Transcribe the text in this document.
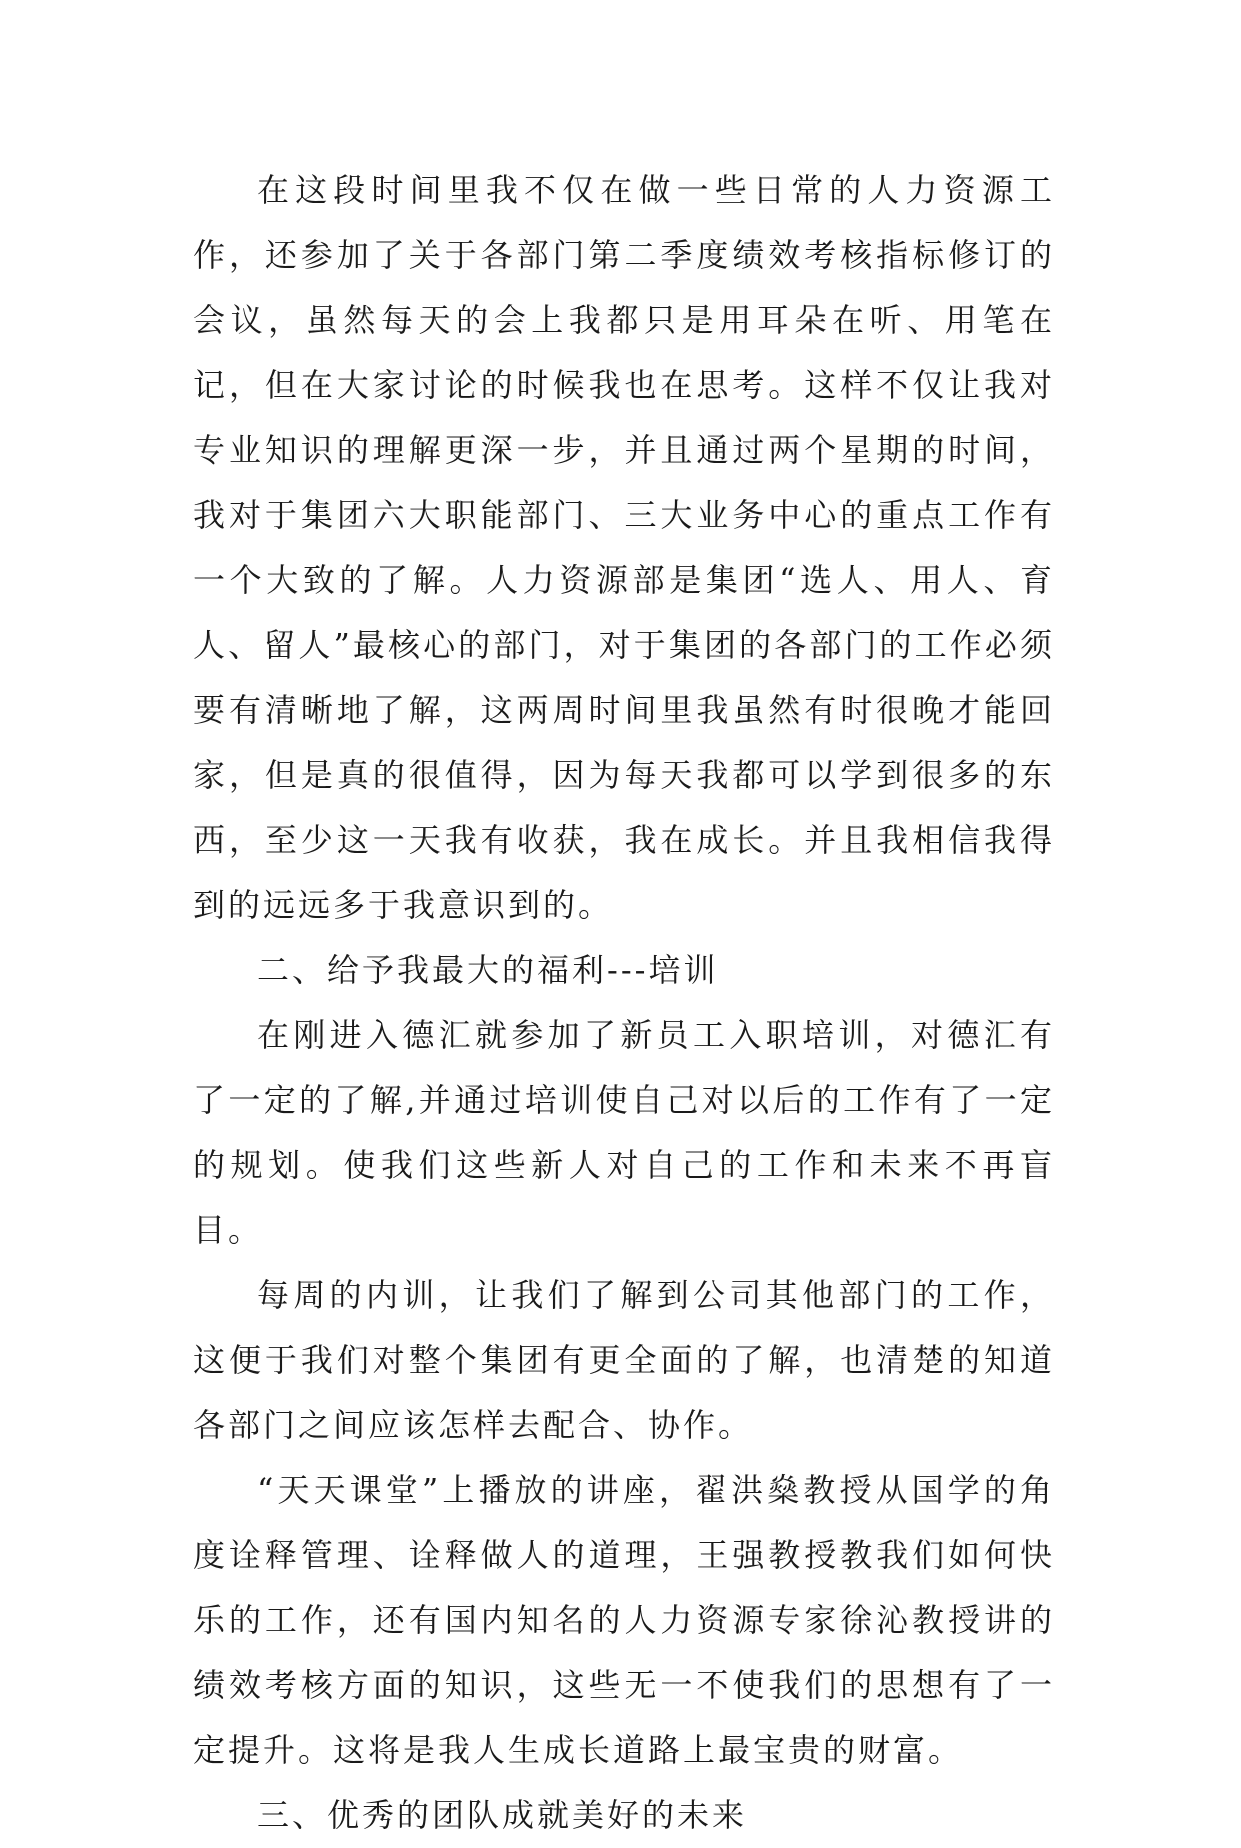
在这段时间里我不仅在做一些日常的人力资源工作，还参加了关于各部门第二季度绩效考核指标修订的会议，虽然每天的会上我都只是用耳朵在听、用笔在记，但在大家讨论的时候我也在思考。这样不仅让我对专业知识的理解更深一步，并且通过两个星期的时间，我对于集团六大职能部门、三大业务中心的重点工作有一个大致的了解。人力资源部是集团“选人、用人、育人、留人”最核心的部门，对于集团的各部门的工作必须要有清晰地了解，这两周时间里我虽然有时很晚才能回家，但是真的很值得，因为每天我都可以学到很多的东西，至少这一天我有收获，我在成长。并且我相信我得到的远远多于我意识到的。

二、给予我最大的福利---培训

在刚进入德汇就参加了新员工入职培训，对德汇有了一定的了解,并通过培训使自己对以后的工作有了一定的规划。使我们这些新人对自己的工作和未来不再盲目。

每周的内训，让我们了解到公司其他部门的工作，这便于我们对整个集团有更全面的了解，也清楚的知道各部门之间应该怎样去配合、协作。

“天天课堂”上播放的讲座，翟洪燊教授从国学的角度诠释管理、诠释做人的道理，王强教授教我们如何快乐的工作，还有国内知名的人力资源专家徐沁教授讲的绩效考核方面的知识，这些无一不使我们的思想有了一定提升。这将是我人生成长道路上最宝贵的财富。

三、优秀的团队成就美好的未来
